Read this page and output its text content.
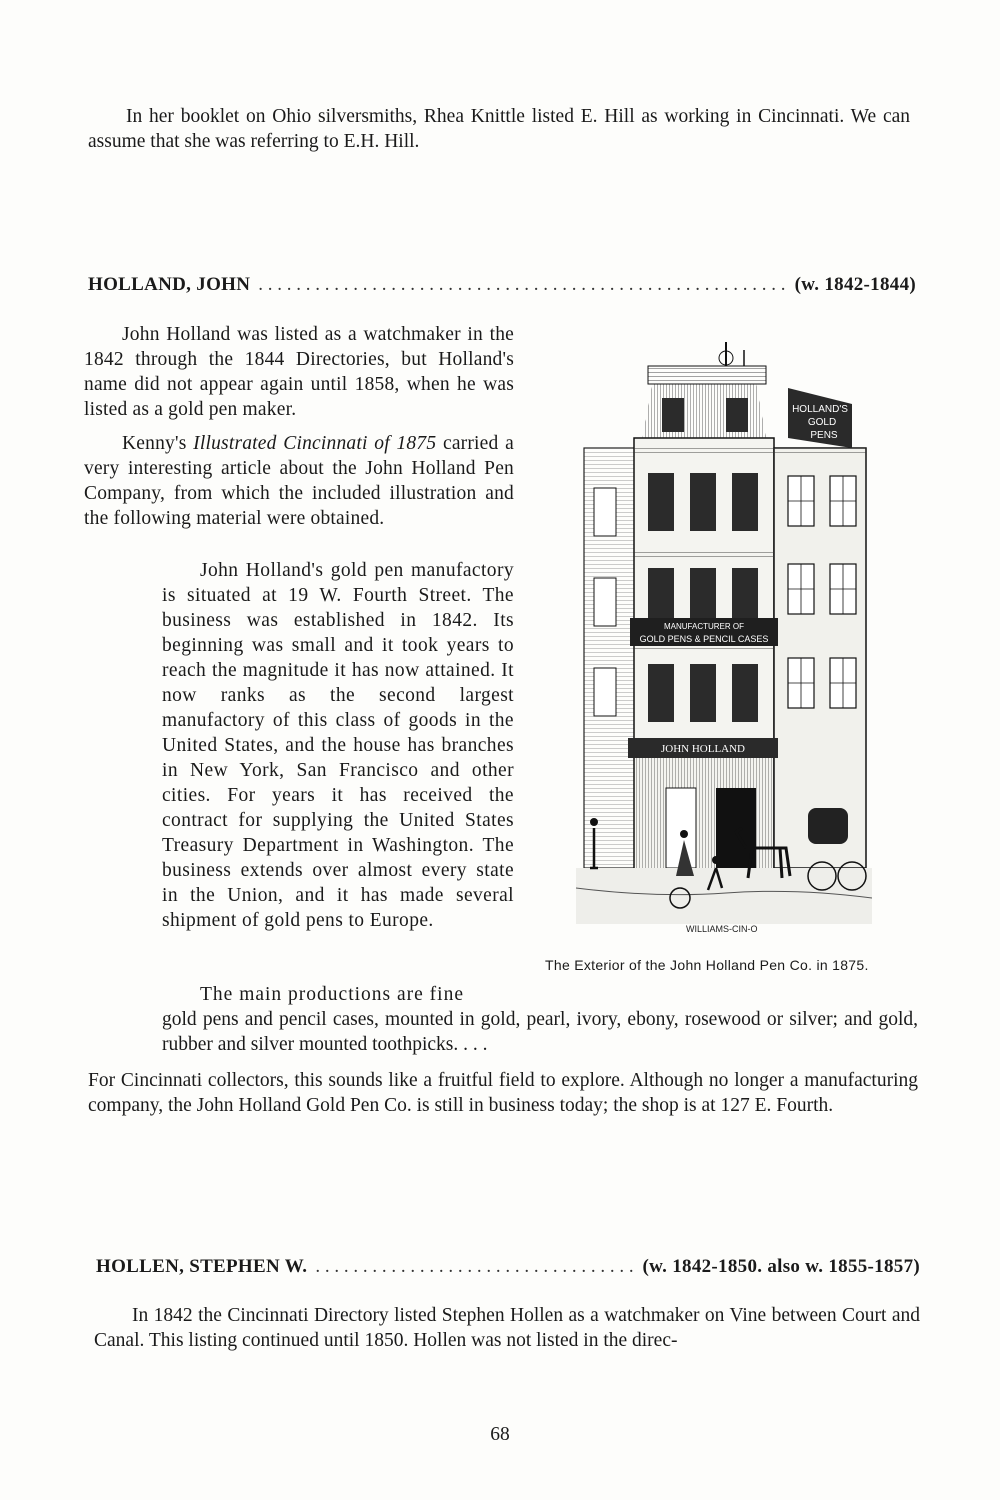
In her booklet on Ohio silversmiths, Rhea Knittle listed E. Hill as working in Cincinnati. We can assume that she was referring to E.H. Hill.

HOLLAND, JOHN . . .	(w. 1842-1844)

John Holland was listed as a watchmaker in the 1842 through the 1844 Directories, but Holland's name did not appear again until 1858, when he was listed as a gold pen maker.

Kenny's Illustrated Cincinnati of 1875 carried a very interesting article about the John Holland Pen Company, from which the included illustration and the following material were obtained.

John Holland's gold pen manufactory is situated at 19 W. Fourth Street. The business was established in 1842. Its beginning was small and it took years to reach the magnitude it has now attained. It now ranks as the second largest manufactory of this class of goods in the United States, and the house has branches in New York, San Francisco and other cities. For years it has received the contract for supplying the United States Treasury Department in Washington. The business extends over almost every state in the Union, and it has made several shipment of gold pens to Europe.

The main productions are fine

gold pens and pencil cases, mounted in gold, pearl, ivory, ebony, rosewood or silver; and gold, rubber and silver mounted toothpicks. . . .

For Cincinnati collectors, this sounds like a fruitful field to explore. Although no longer a manufacturing company, the John Holland Gold Pen Co. is still in business today; the shop is at 127 E. Fourth.

HOLLAND'S
GOLD
PENS
MANUFACTURER OF
GOLD PENS & PENCIL CASES
JOHN HOLLAND
WILLIAMS-CIN-O

The Exterior of the John Holland Pen Co. in 1875.

HOLLEN, STEPHEN W. . . .	(w. 1842-1850. also w. 1855-1857)

In 1842 the Cincinnati Directory listed Stephen Hollen as a watchmaker on Vine between Court and Canal. This listing continued until 1850. Hollen was not listed in the direc-

68
